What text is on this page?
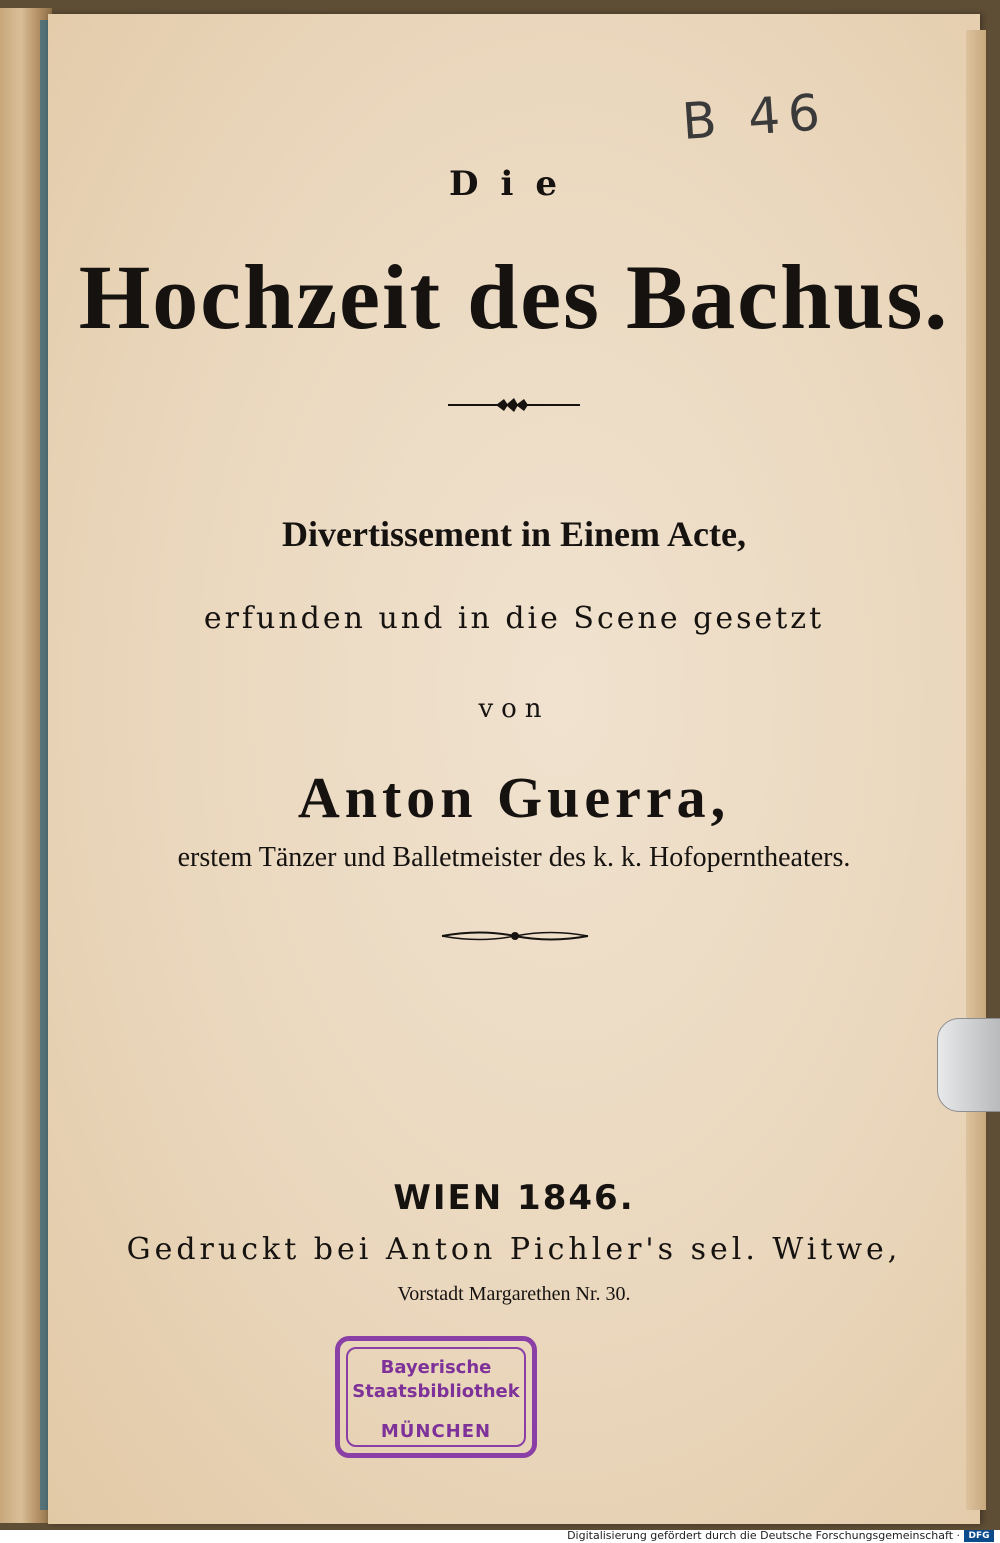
B 46
Die
Hochzeit des Bachus.
Divertissement in Einem Acte,
erfunden und in die Scene gesetzt
von
Anton Guerra,
erstem Tänzer und Balletmeister des k. k. Hofoperntheaters.
WIEN 1846.
Gedruckt bei Anton Pichler's sel. Witwe,
Vorstadt Margarethen Nr. 30.
Bayerische
Staatsbibliothek
MÜNCHEN
Digitalisierung gefördert durch die Deutsche Forschungsgemeinschaft · DFG
